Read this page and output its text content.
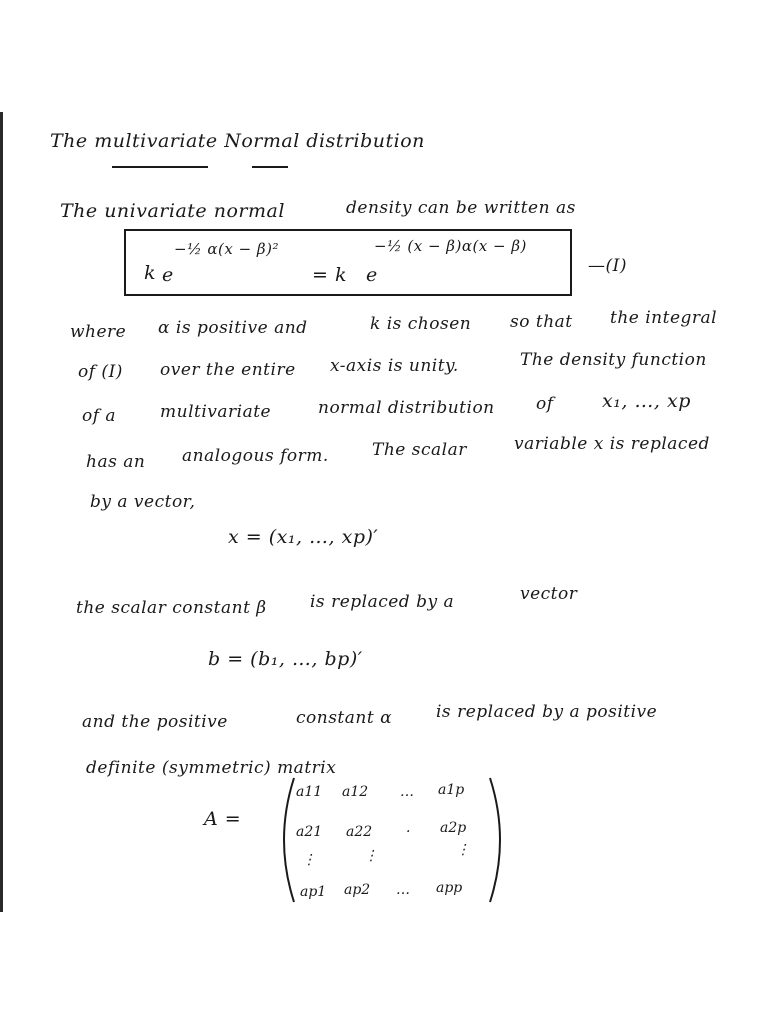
The multivariate Normal distribution
The univariate normal	density can be written as
k e
−½ α(x − β)²
= k e
−½ (x − β)α(x − β)
—(I)
where α is positive and	k is chosen so that the integral
of (I) over the entire x-axis is unity.	The density function
of a	multivariate	normal distribution of	x₁, …, xp
has an analogous form.	The scalar	variable x is replaced
by a vector,
x = (x₁, …, xp)′
the scalar constant β	is replaced by a	vector
b = (b₁, …, bp)′
and the positive	constant α	is replaced by a positive
definite (symmetric) matrix
A =
a11 a12 … a1p
a21 a22 · a2p
⋮	⋮	⋮
ap1 ap2 … app
